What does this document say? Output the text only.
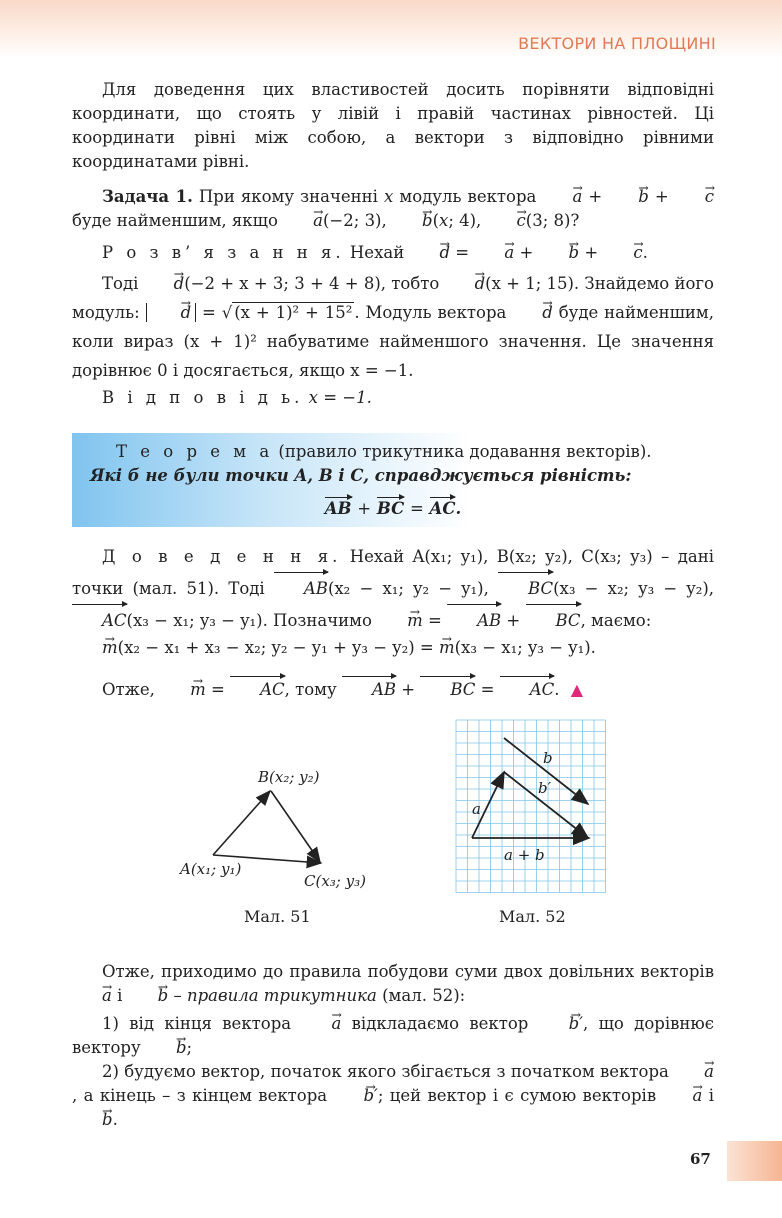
ВЕКТОРИ НА ПЛОЩИНІ
Для доведення цих властивостей досить порівняти відповідні координати, що стоять у лівій і правій частинах рівностей. Ці координати рівні між собою, а вектори з відповідно рівними координатами рівні.
Задача 1. При якому значенні x модуль вектора → a + → b + → c буде найменшим, якщо → a(−2; 3), → b(x; 4), → c(3; 8)?
Р о з в’ я з а н н я. Нехай → d = → a + → b + → c.
Тоді → d(−2 + x + 3; 3 + 4 + 8), тобто → d(x + 1; 15). Знайдемо його модуль: → d = √ (x + 1)² + 15² . Модуль вектора → d буде найменшим, коли вираз (x + 1)² набуватиме найменшого значення. Це значення дорівнює 0 і досягається, якщо x = −1.
В і д п о в і д ь. x = −1.
Т е о р е м а (правило трикутника додавання векторів).
Які б не були точки A, B і C, справджується рівність:
AB + BC = AC.
Д о в е д е н н я. Нехай A(x₁; y₁), B(x₂; y₂), C(x₃; y₃) – дані точки (мал. 51). Тоді AB(x₂ − x₁; y₂ − y₁), BC(x₃ − x₂; y₃ − y₂), AC(x₃ − x₁; y₃ − y₁). Позначимо → m = AB + BC, маємо:
→ m(x₂ − x₁ + x₃ − x₂; y₂ − y₁ + y₃ − y₂) = → m(x₃ − x₁; y₃ − y₁).
Отже, → m = AC, тому AB + BC = AC. ▲
B(x₂; y₂)
A(x₁; y₁)
C(x₃; y₃)
Мал. 51
b
b′
a
a + b
Мал. 52
Отже, приходимо до правила побудови суми двох довільних векторів → a і → b – правила трикутника (мал. 52):
1) від кінця вектора → a відкладаємо вектор → b′, що дорівнює вектору → b;
2) будуємо вектор, початок якого збігається з початком вектора → a, а кінець – з кінцем вектора → b′; цей вектор і є сумою векторів → a і → b.
67
